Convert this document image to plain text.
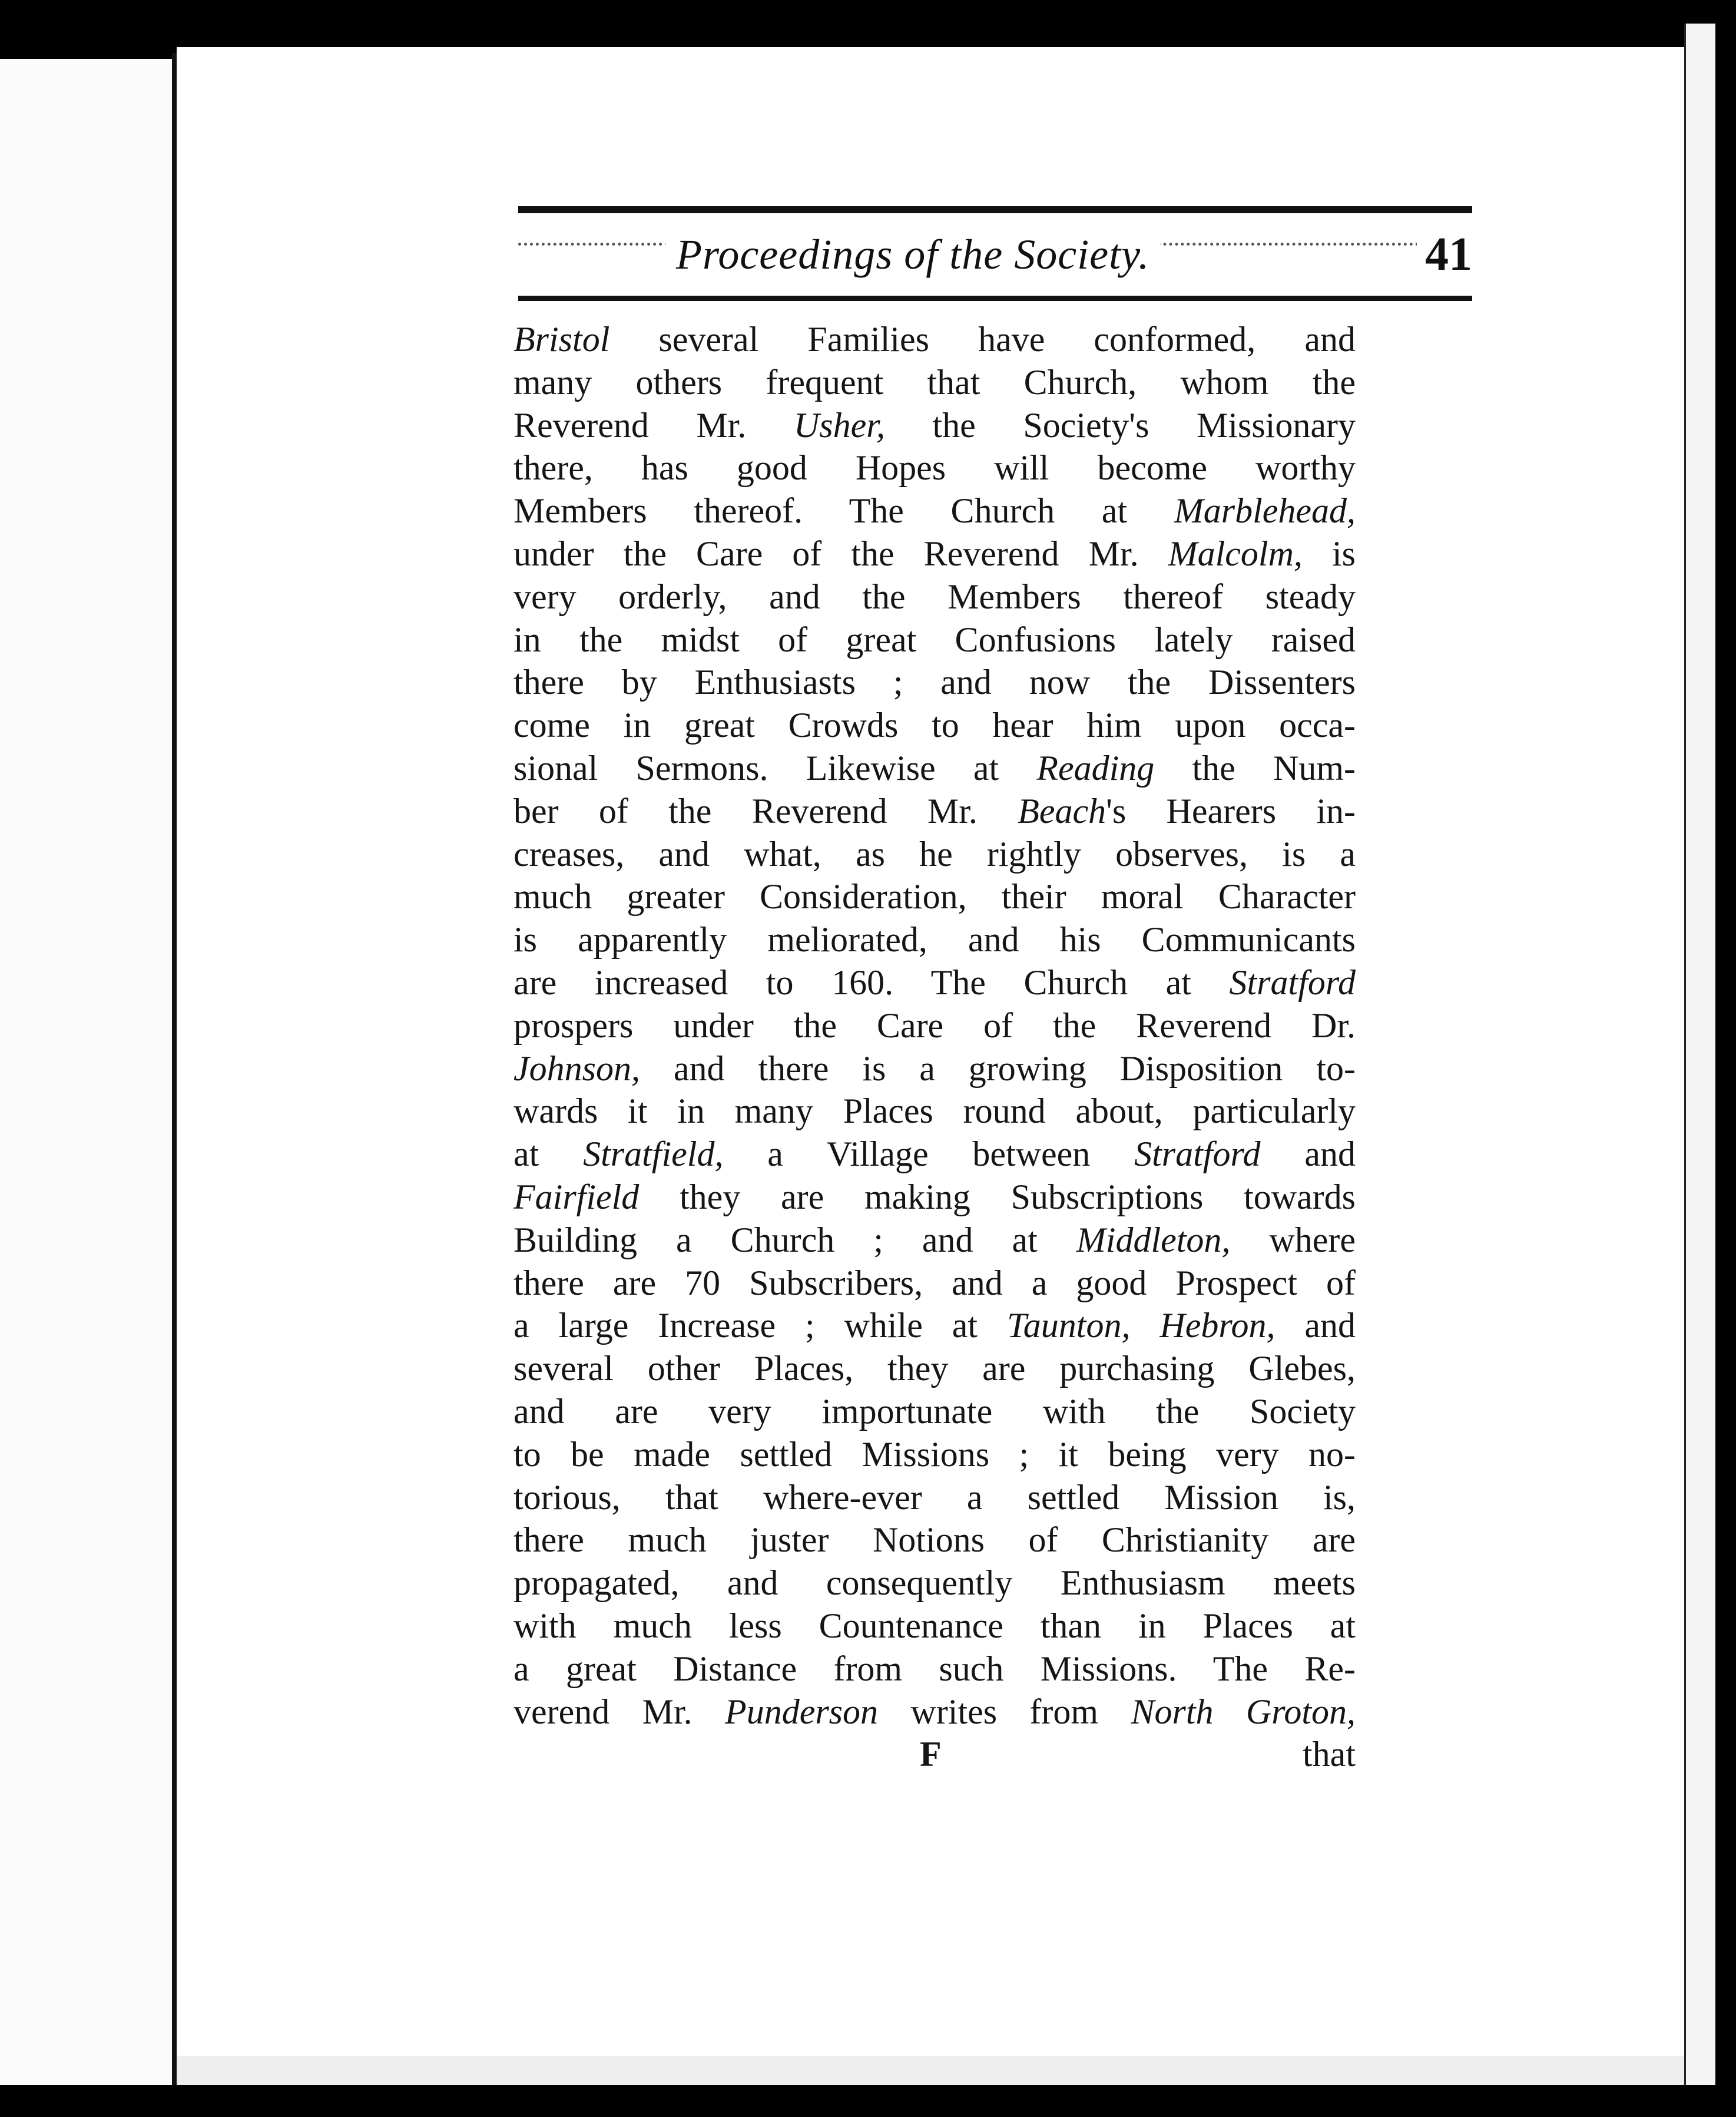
Proceedings of the Society.	41
Bristol several Families have conformed, and
many others frequent that Church, whom the
Reverend Mr. Usher, the Society's Missionary
there, has good Hopes will become worthy
Members thereof. The Church at Marblehead,
under the Care of the Reverend Mr. Malcolm, is
very orderly, and the Members thereof steady
in the midst of great Confusions lately raised
there by Enthusiasts ; and now the Dissenters
come in great Crowds to hear him upon occa-
sional Sermons. Likewise at Reading the Num-
ber of the Reverend Mr. Beach's Hearers in-
creases, and what, as he rightly observes, is a
much greater Consideration, their moral Character
is apparently meliorated, and his Communicants
are increased to 160. The Church at Stratford
prospers under the Care of the Reverend Dr.
Johnson, and there is a growing Disposition to-
wards it in many Places round about, particularly
at Stratfield, a Village between Stratford and
Fairfield they are making Subscriptions towards
Building a Church ; and at Middleton, where
there are 70 Subscribers, and a good Prospect of
a large Increase ; while at Taunton, Hebron, and
several other Places, they are purchasing Glebes,
and are very importunate with the Society
to be made settled Missions ; it being very no-
torious, that where-ever a settled Mission is,
there much juster Notions of Christianity are
propagated, and consequently Enthusiasm meets
with much less Countenance than in Places at
a great Distance from such Missions. The Re-
verend Mr. Punderson writes from North Groton,
F	that
